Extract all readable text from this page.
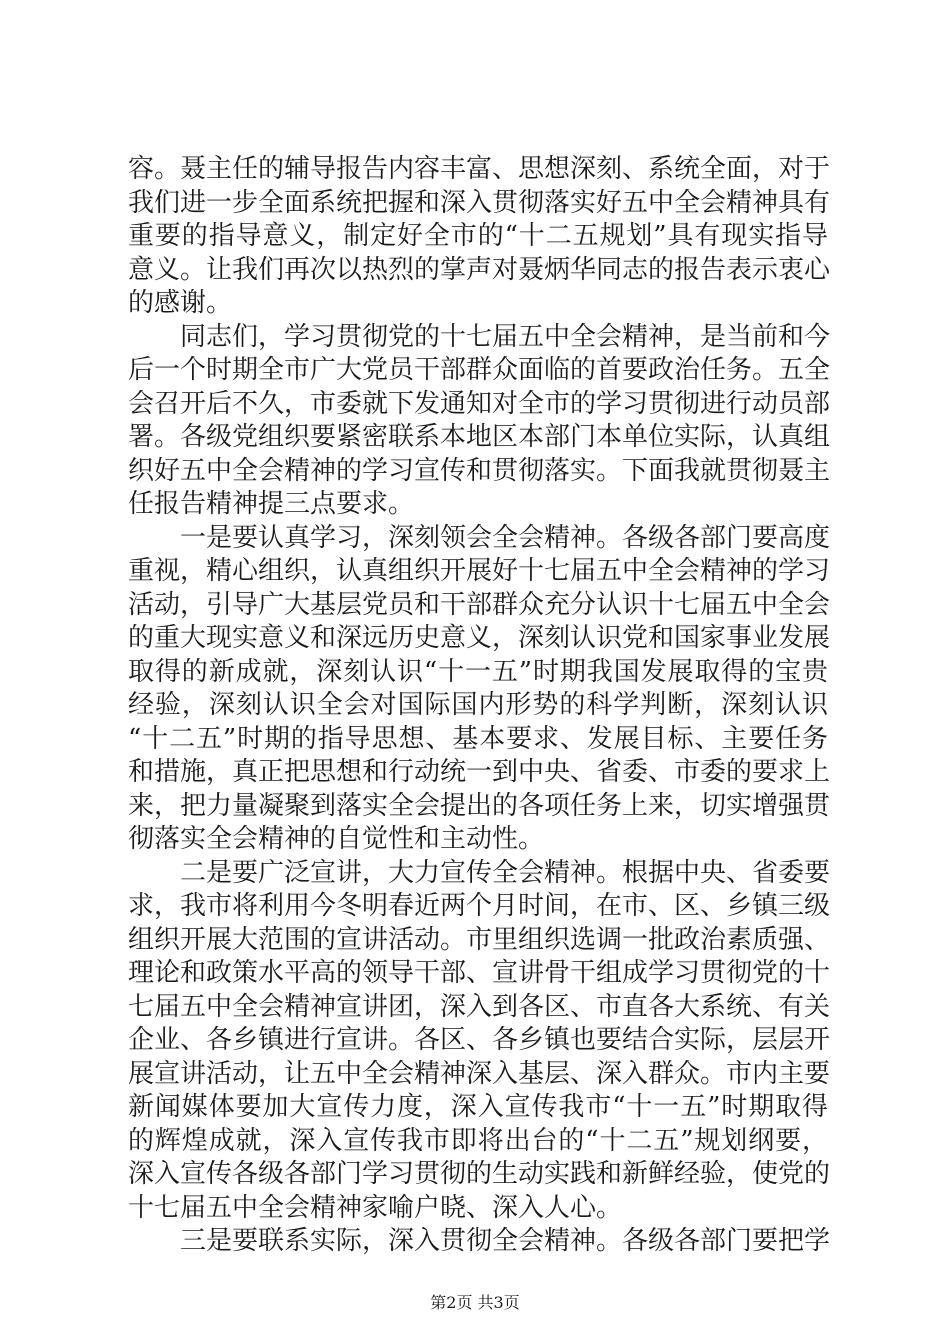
容。聂主任的辅导报告内容丰富、思想深刻、系统全面，对于
我们进一步全面系统把握和深入贯彻落实好五中全会精神具有
重要的指导意义，制定好全市的“十二五规划”具有现实指导
意义。让我们再次以热烈的掌声对聂炳华同志的报告表示衷心
的感谢。
　　同志们，学习贯彻党的十七届五中全会精神，是当前和今
后一个时期全市广大党员干部群众面临的首要政治任务。五全
会召开后不久，市委就下发通知对全市的学习贯彻进行动员部
署。各级党组织要紧密联系本地区本部门本单位实际，认真组
织好五中全会精神的学习宣传和贯彻落实。下面我就贯彻聂主
任报告精神提三点要求。
　　一是要认真学习，深刻领会全会精神。各级各部门要高度
重视，精心组织，认真组织开展好十七届五中全会精神的学习
活动，引导广大基层党员和干部群众充分认识十七届五中全会
的重大现实意义和深远历史意义，深刻认识党和国家事业发展
取得的新成就，深刻认识“十一五”时期我国发展取得的宝贵
经验，深刻认识全会对国际国内形势的科学判断，深刻认识
“十二五”时期的指导思想、基本要求、发展目标、主要任务
和措施，真正把思想和行动统一到中央、省委、市委的要求上
来，把力量凝聚到落实全会提出的各项任务上来，切实增强贯
彻落实全会精神的自觉性和主动性。
　　二是要广泛宣讲，大力宣传全会精神。根据中央、省委要
求，我市将利用今冬明春近两个月时间，在市、区、乡镇三级
组织开展大范围的宣讲活动。市里组织选调一批政治素质强、
理论和政策水平高的领导干部、宣讲骨干组成学习贯彻党的十
七届五中全会精神宣讲团，深入到各区、市直各大系统、有关
企业、各乡镇进行宣讲。各区、各乡镇也要结合实际，层层开
展宣讲活动，让五中全会精神深入基层、深入群众。市内主要
新闻媒体要加大宣传力度，深入宣传我市“十一五”时期取得
的辉煌成就，深入宣传我市即将出台的“十二五”规划纲要，
深入宣传各级各部门学习贯彻的生动实践和新鲜经验，使党的
十七届五中全会精神家喻户晓、深入人心。
　　三是要联系实际，深入贯彻全会精神。各级各部门要把学
第2页 共3页
